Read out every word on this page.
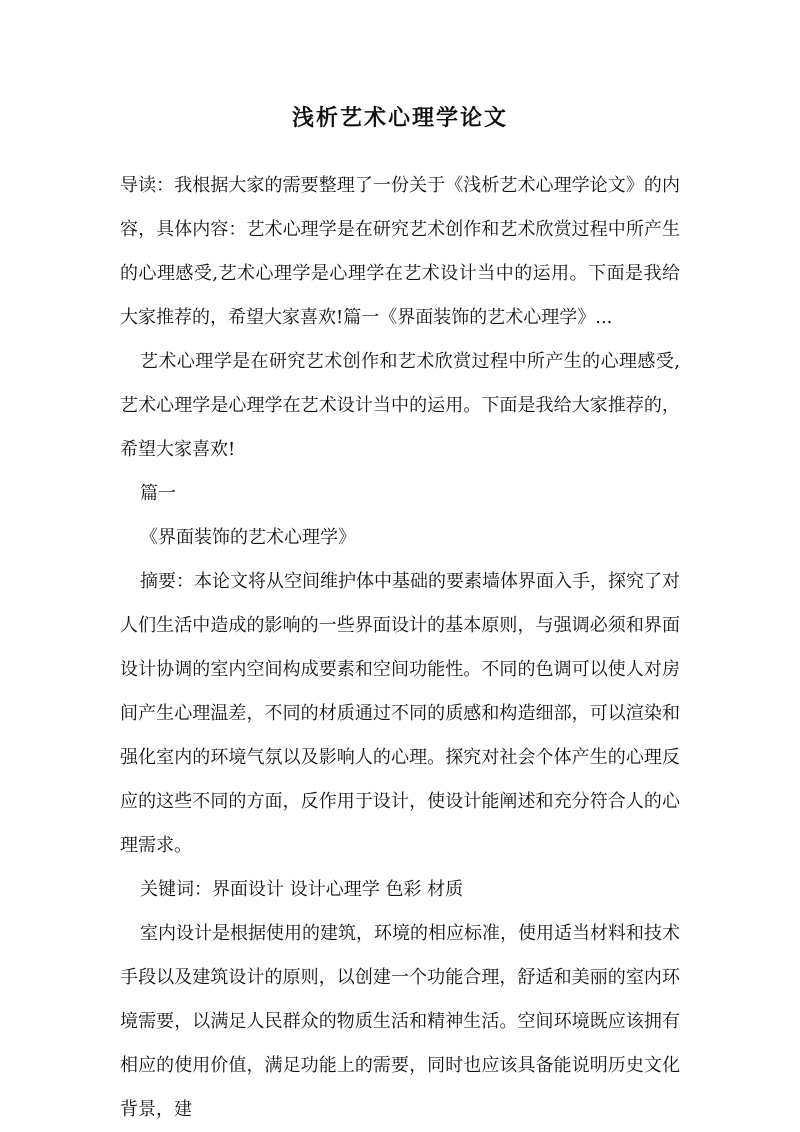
浅析艺术心理学论文

导读：我根据大家的需要整理了一份关于《浅析艺术心理学论文》的内容，具体内容：艺术心理学是在研究艺术创作和艺术欣赏过程中所产生的心理感受,艺术心理学是心理学在艺术设计当中的运用。下面是我给大家推荐的，希望大家喜欢!篇一《界面装饰的艺术心理学》...

艺术心理学是在研究艺术创作和艺术欣赏过程中所产生的心理感受,艺术心理学是心理学在艺术设计当中的运用。下面是我给大家推荐的，希望大家喜欢!

篇一

《界面装饰的艺术心理学》

摘要：本论文将从空间维护体中基础的要素墙体界面入手，探究了对人们生活中造成的影响的一些界面设计的基本原则，与强调必须和界面设计协调的室内空间构成要素和空间功能性。不同的色调可以使人对房间产生心理温差，不同的材质通过不同的质感和构造细部，可以渲染和强化室内的环境气氛以及影响人的心理。探究对社会个体产生的心理反应的这些不同的方面，反作用于设计，使设计能阐述和充分符合人的心理需求。

关键词：界面设计 设计心理学 色彩 材质

室内设计是根据使用的建筑，环境的相应标准，使用适当材料和技术手段以及建筑设计的原则，以创建一个功能合理，舒适和美丽的室内环境需要，以满足人民群众的物质生活和精神生活。空间环境既应该拥有相应的使用价值，满足功能上的需要，同时也应该具备能说明历史文化背景，建
